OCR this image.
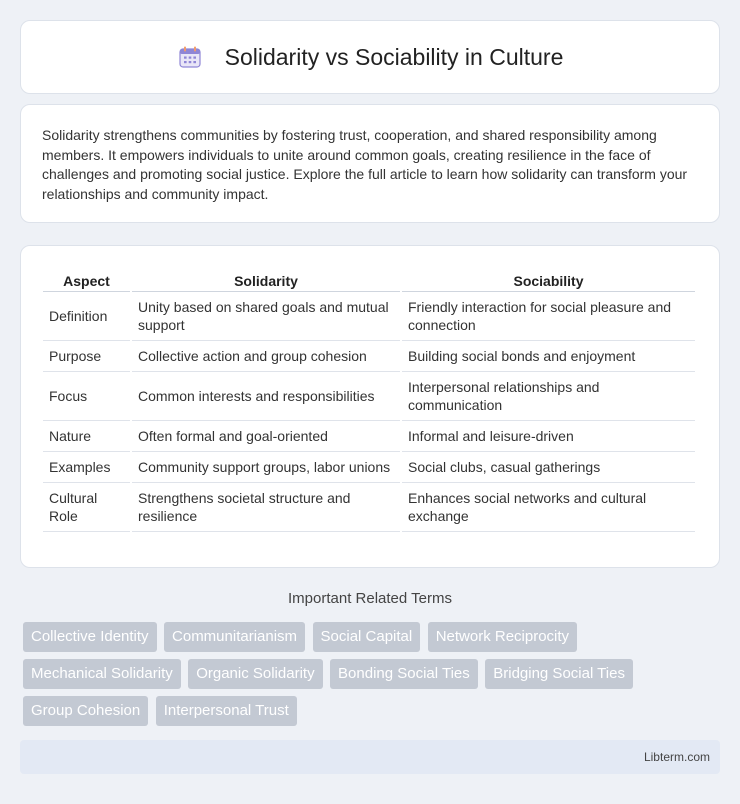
Solidarity vs Sociability in Culture

Solidarity strengthens communities by fostering trust, cooperation, and shared responsibility among members. It empowers individuals to unite around common goals, creating resilience in the face of challenges and promoting social justice. Explore the full article to learn how solidarity can transform your relationships and community impact.

Aspect	Solidarity	Sociability
Definition	Unity based on shared goals and mutual support	Friendly interaction for social pleasure and connection
Purpose	Collective action and group cohesion	Building social bonds and enjoyment
Focus	Common interests and responsibilities	Interpersonal relationships and communication
Nature	Often formal and goal-oriented	Informal and leisure-driven
Examples	Community support groups, labor unions	Social clubs, casual gatherings
Cultural Role	Strengthens societal structure and resilience	Enhances social networks and cultural exchange
Important Related Terms
Collective Identity Communitarianism Social Capital Network Reciprocity Mechanical Solidarity Organic Solidarity Bonding Social Ties Bridging Social Ties Group Cohesion Interpersonal Trust
Libterm.com
